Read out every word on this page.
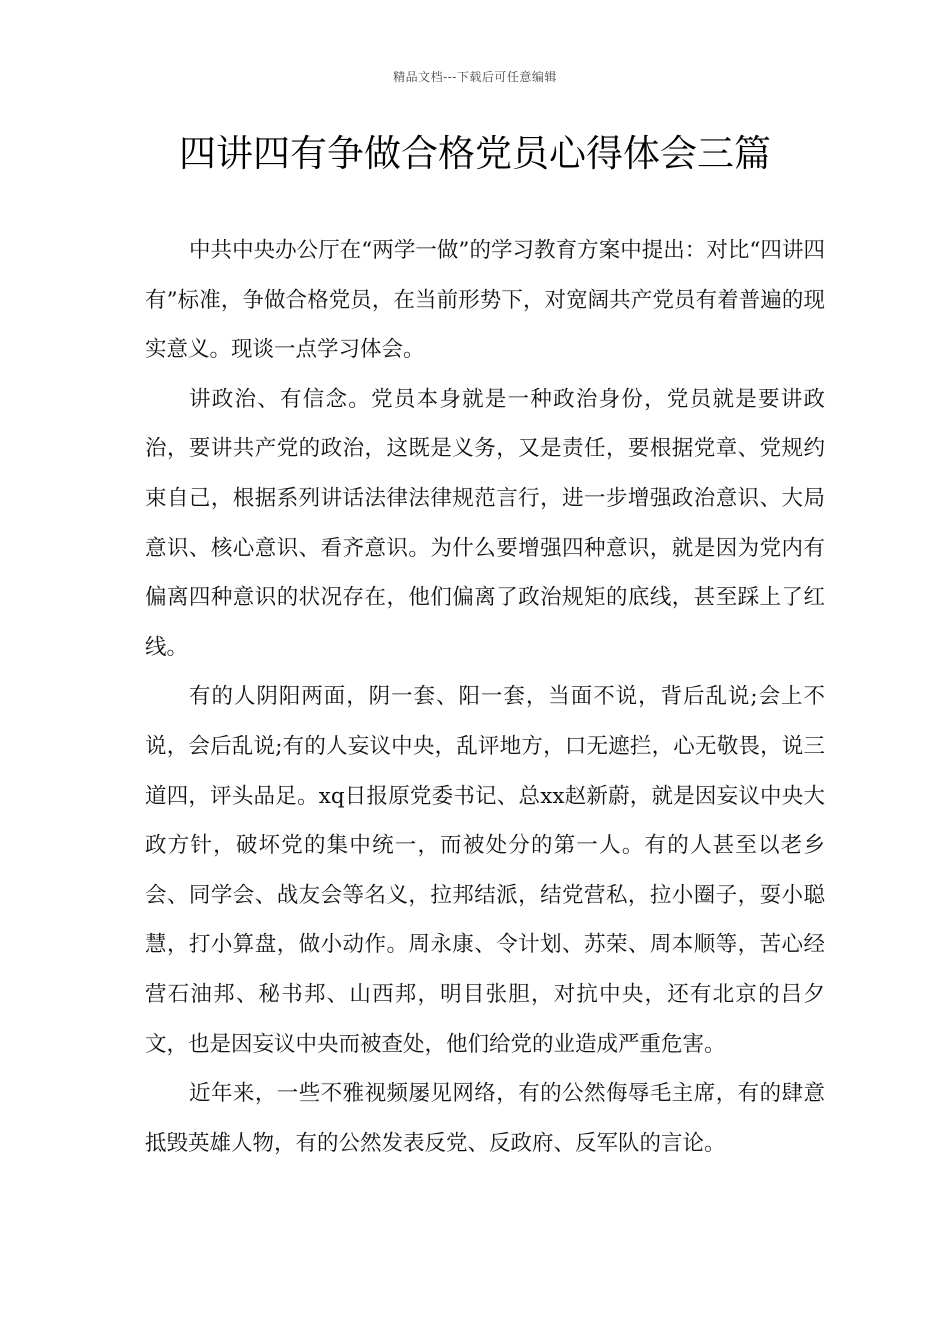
精品文档---下载后可任意编辑
四讲四有争做合格党员心得体会三篇

中共中央办公厅在“两学一做”的学习教育方案中提出：对比“四讲四有”标准，争做合格党员，在当前形势下，对宽阔共产党员有着普遍的现实意义。现谈一点学习体会。

讲政治、有信念。党员本身就是一种政治身份，党员就是要讲政治，要讲共产党的政治，这既是义务，又是责任，要根据党章、党规约束自己，根据系列讲话法律法律规范言行，进一步增强政治意识、大局意识、核心意识、看齐意识。为什么要增强四种意识，就是因为党内有偏离四种意识的状况存在，他们偏离了政治规矩的底线，甚至踩上了红线。

有的人阴阳两面，阴一套、阳一套，当面不说，背后乱说;会上不说，会后乱说;有的人妄议中央，乱评地方，口无遮拦，心无敬畏，说三道四，评头品足。xq日报原党委书记、总xx赵新蔚，就是因妄议中央大政方针，破坏党的集中统一，而被处分的第一人。有的人甚至以老乡会、同学会、战友会等名义，拉邦结派，结党营私，拉小圈子，耍小聪慧，打小算盘，做小动作。周永康、令计划、苏荣、周本顺等，苦心经营石油邦、秘书邦、山西邦，明目张胆，对抗中央，还有北京的吕夕文，也是因妄议中央而被查处，他们给党的业造成严重危害。

近年来，一些不雅视频屡见网络，有的公然侮辱毛主席，有的肆意抵毁英雄人物，有的公然发表反党、反政府、反军队的言论。
